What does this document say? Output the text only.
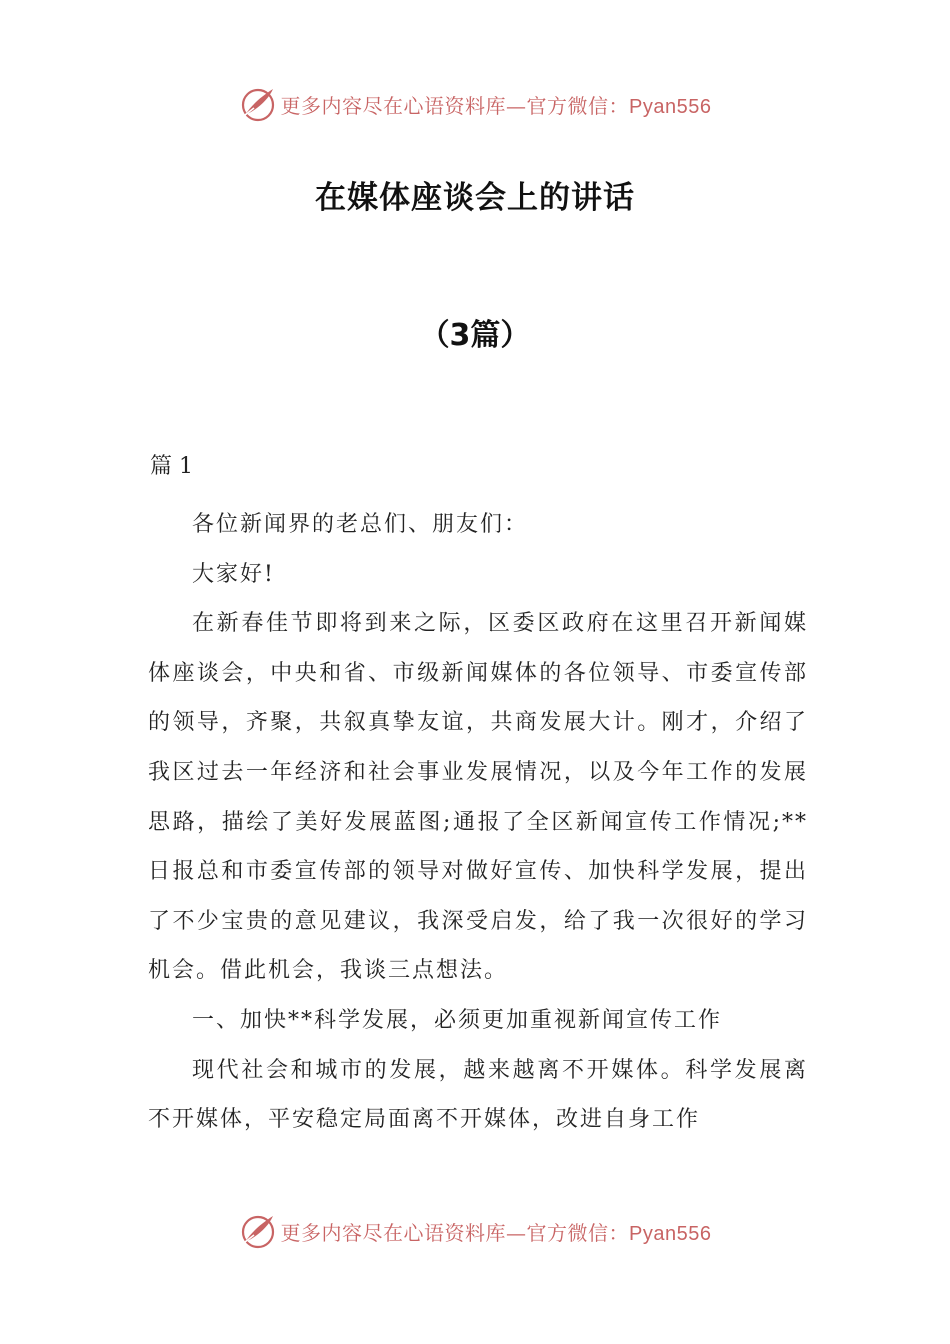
更多内容尽在心语资料库—官方微信：Pyan556
在媒体座谈会上的讲话
（3篇）

篇 1

各位新闻界的老总们、朋友们：

大家好!

在新春佳节即将到来之际，区委区政府在这里召开新闻媒体座谈会，中央和省、市级新闻媒体的各位领导、市委宣传部的领导，齐聚，共叙真挚友谊，共商发展大计。刚才，介绍了我区过去一年经济和社会事业发展情况，以及今年工作的发展思路，描绘了美好发展蓝图;通报了全区新闻宣传工作情况;**日报总和市委宣传部的领导对做好宣传、加快科学发展，提出了不少宝贵的意见建议，我深受启发，给了我一次很好的学习机会。借此机会，我谈三点想法。

一、加快**科学发展，必须更加重视新闻宣传工作

现代社会和城市的发展，越来越离不开媒体。科学发展离不开媒体，平安稳定局面离不开媒体，改进自身工作

更多内容尽在心语资料库—官方微信：Pyan556
